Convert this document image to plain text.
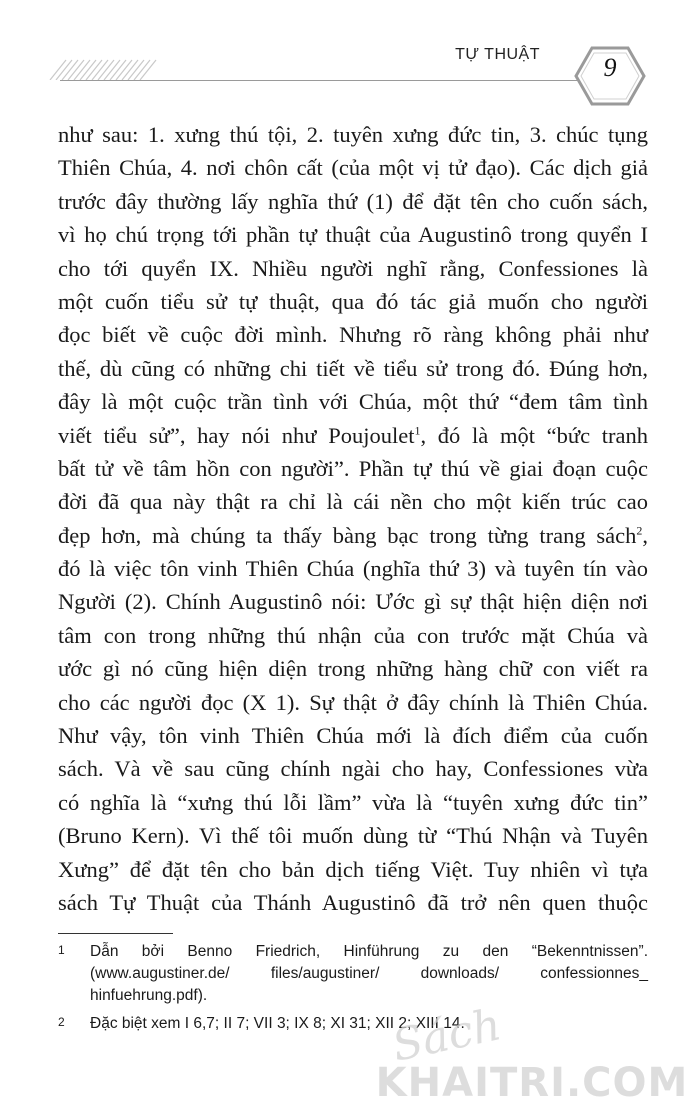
TỰ THUẬT	9
như sau: 1. xưng thú tội, 2. tuyên xưng đức tin, 3. chúc tụng
Thiên Chúa, 4. nơi chôn cất (của một vị tử đạo). Các dịch giả
trước đây thường lấy nghĩa thứ (1) để đặt tên cho cuốn sách,
vì họ chú trọng tới phần tự thuật của Augustinô trong quyển I
cho tới quyển IX. Nhiều người nghĩ rằng, Confessiones là
một cuốn tiểu sử tự thuật, qua đó tác giả muốn cho người
đọc biết về cuộc đời mình. Nhưng rõ ràng không phải như
thế, dù cũng có những chi tiết về tiểu sử trong đó. Đúng hơn,
đây là một cuộc trần tình với Chúa, một thứ “đem tâm tình
viết tiểu sử”, hay nói như Poujoulet$^1$, đó là một “bức tranh
bất tử về tâm hồn con người”. Phần tự thú về giai đoạn cuộc
đời đã qua này thật ra chỉ là cái nền cho một kiến trúc cao
đẹp hơn, mà chúng ta thấy bàng bạc trong từng trang sách$^2$,
đó là việc tôn vinh Thiên Chúa (nghĩa thứ 3) và tuyên tín vào
Người (2). Chính Augustinô nói: Ước gì sự thật hiện diện nơi
tâm con trong những thú nhận của con trước mặt Chúa và
ước gì nó cũng hiện diện trong những hàng chữ con viết ra
cho các người đọc (X 1). Sự thật ở đây chính là Thiên Chúa.
Như vậy, tôn vinh Thiên Chúa mới là đích điểm của cuốn
sách. Và về sau cũng chính ngài cho hay, Confessiones vừa
có nghĩa là “xưng thú lỗi lầm” vừa là “tuyên xưng đức tin”
(Bruno Kern). Vì thế tôi muốn dùng từ “Thú Nhận và Tuyên
Xưng” để đặt tên cho bản dịch tiếng Việt. Tuy nhiên vì tựa
sách Tự Thuật của Thánh Augustinô đã trở nên quen thuộc
1 Dẫn bởi Benno Friedrich, Hinführung zu den “Bekenntnissen”.
(www.augustiner.de/ files/augustiner/ downloads/ confessionnes_
hinfuehrung.pdf).
2 Đặc biệt xem I 6,7; II 7; VII 3; IX 8; XI 31; XII 2; XIII 14.
Sách
KHAITRI.COM
